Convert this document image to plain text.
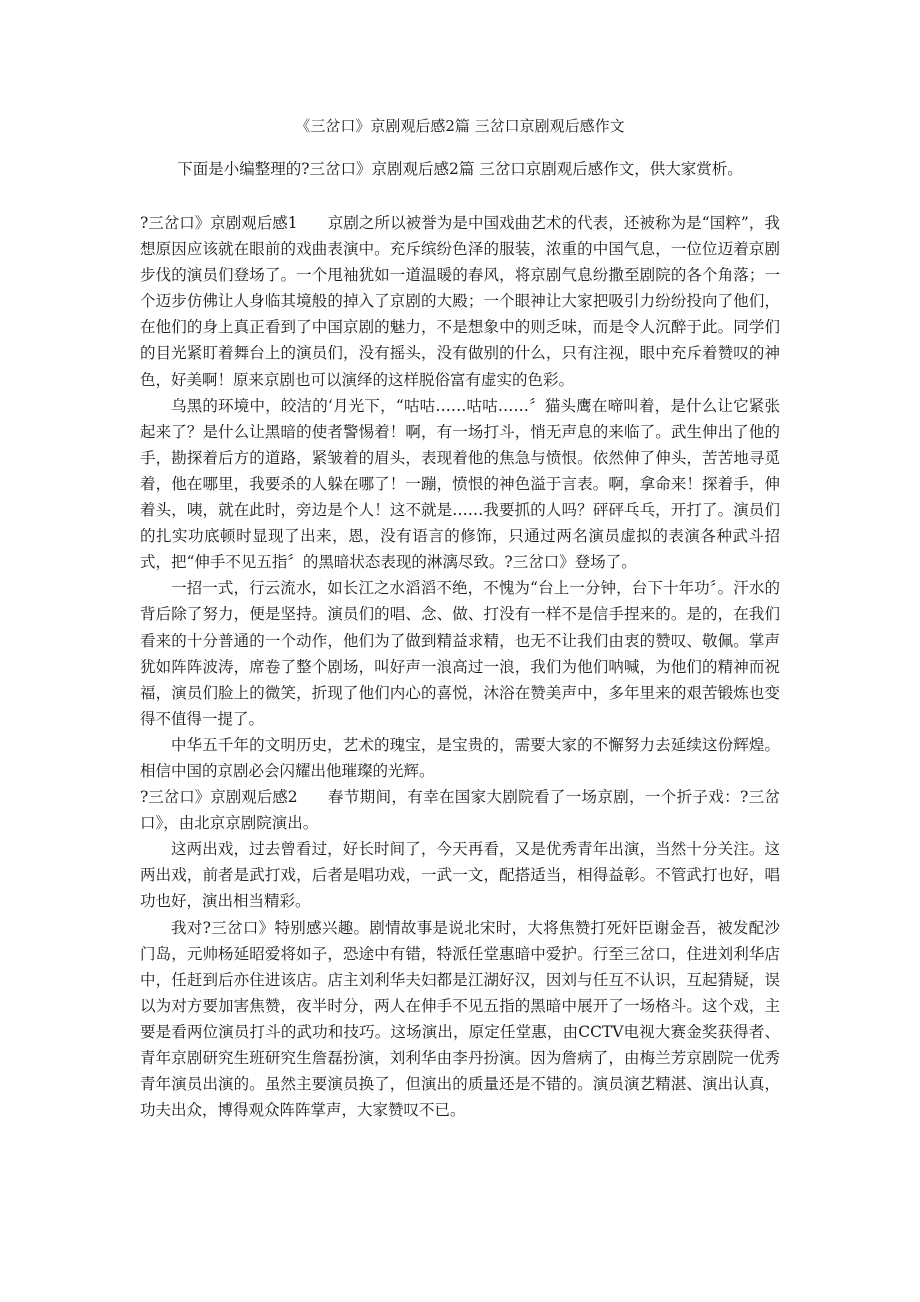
《三岔口》京剧观后感2篇 三岔口京剧观后感作文

下面是小编整理的?三岔口》京剧观后感2篇 三岔口京剧观后感作文，供大家赏析。

?三岔口》京剧观后感1 京剧之所以被誉为是中国戏曲艺术的代表，还被称为是“国粹”，我想原因应该就在眼前的戏曲表演中。充斥缤纷色泽的服装，浓重的中国气息，一位位迈着京剧步伐的演员们登场了。一个甩袖犹如一道温暖的春风，将京剧气息纷撒至剧院的各个角落；一个迈步仿佛让人身临其境般的掉入了京剧的大殿；一个眼神让大家把吸引力纷纷投向了他们，在他们的身上真正看到了中国京剧的魅力，不是想象中的则乏味，而是令人沉醉于此。同学们的目光紧盯着舞台上的演员们，没有摇头，没有做别的什么，只有注视，眼中充斥着赞叹的神色，好美啊！原来京剧也可以演绎的这样脱俗富有虚实的色彩。

乌黑的环境中，皎洁的‘月光下，“咕咕……咕咕……〞猫头鹰在啼叫着，是什么让它紧张起来了？是什么让黑暗的使者警惕着！啊，有一场打斗，悄无声息的来临了。武生伸出了他的手，勘探着后方的道路，紧皱着的眉头，表现着他的焦急与愤恨。依然伸了伸头，苦苦地寻觅着，他在哪里，我要杀的人躲在哪了！一蹦，愤恨的神色溢于言表。啊，拿命来！探着手，伸着头，咦，就在此时，旁边是个人！这不就是……我要抓的人吗？砰砰乓乓，开打了。演员们的扎实功底顿时显现了出来，恩，没有语言的修饰，只通过两名演员虚拟的表演各种武斗招式，把“伸手不见五指〞的黑暗状态表现的淋漓尽致。?三岔口》登场了。

一招一式，行云流水，如长江之水滔滔不绝，不愧为“台上一分钟，台下十年功〞。汗水的背后除了努力，便是坚持。演员们的唱、念、做、打没有一样不是信手捏来的。是的，在我们看来的十分普通的一个动作，他们为了做到精益求精，也无不让我们由衷的赞叹、敬佩。掌声犹如阵阵波涛，席卷了整个剧场，叫好声一浪高过一浪，我们为他们呐喊，为他们的精神而祝福，演员们脸上的微笑，折现了他们内心的喜悦，沐浴在赞美声中，多年里来的艰苦锻炼也变得不值得一提了。

中华五千年的文明历史，艺术的瑰宝，是宝贵的，需要大家的不懈努力去延续这份辉煌。相信中国的京剧必会闪耀出他璀璨的光辉。

?三岔口》京剧观后感2 春节期间，有幸在国家大剧院看了一场京剧，一个折子戏：?三岔口》，由北京京剧院演出。

这两出戏，过去曾看过，好长时间了，今天再看，又是优秀青年出演，当然十分关注。这两出戏，前者是武打戏，后者是唱功戏，一武一文，配搭适当，相得益彰。不管武打也好，唱功也好，演出相当精彩。

我对?三岔口》特别感兴趣。剧情故事是说北宋时，大将焦赞打死奸臣谢金吾，被发配沙门岛，元帅杨延昭爱将如子，恐途中有错，特派任堂惠暗中爱护。行至三岔口，住进刘利华店中，任赶到后亦住进该店。店主刘利华夫妇都是江湖好汉，因刘与任互不认识，互起猜疑，误以为对方要加害焦赞，夜半时分，两人在伸手不见五指的黑暗中展开了一场格斗。这个戏，主要是看两位演员打斗的武功和技巧。这场演出，原定任堂惠，由CCTV电视大赛金奖获得者、青年京剧研究生班研究生詹磊扮演，刘利华由李丹扮演。因为詹病了，由梅兰芳京剧院一优秀青年演员出演的。虽然主要演员换了，但演出的质量还是不错的。演员演艺精湛、演出认真，功夫出众，博得观众阵阵掌声，大家赞叹不已。
